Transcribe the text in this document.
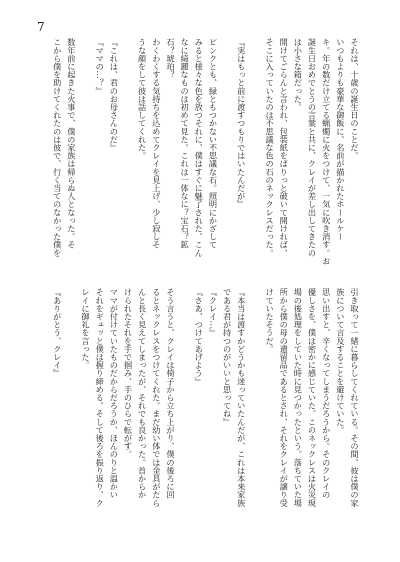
7
それは、十歳の誕生日のことだ。
いつもよりも豪華な御飯に、名前が描かれたホールケー
キ。年の数だけ立てる蝋燭に火をつけて、一気に吹き消す。お
誕生日おめでとうの言葉と共に、クレイが差し出してきたの
は小さな箱だった。
開けてごらんと言われ、包装紙をぱりっと破いて開ければ、
そこに入っていたのは不思議な色の石のネックレスだった。

『実はもっと前に渡すつもりではいたんだが』

ピンクとも、緑ともつかない不思議な石。照明にかざして
みると様々な色を放つそれに、僕はすぐに魅了された。こん
なに綺麗なものは初めて見た。これは一体なに？宝石？鉱
石？琥珀？
わくわくする気持ちを込めてクレイを見上げ、少し寂しそ
うな顔をして彼は話してくれた。

『これは、君のお母さんのだ』
『ママの…？』

数年前に起きた火事で、僕の家族は帰らぬ人となった。そ
こから僕を助けてくれたのは彼で、行く当てのなかった僕を
引き取って一緒に暮らしてくれている。その間、彼は僕の家
族について言及することを避けていた。
思い出すと、辛くなってしまうだろうから。そのクレイの
優しさを、僕は密かに感じていた。このネックレスは火災現
場の後処理をしていた時に見つかったという。落ちていた場
所から僕の母の遺留品であるとされ、それをクレイが譲り受
けていたそうだ。

『本当は渡すかどうかも迷っていたんだが、これは本来家族
である君が持つのがいいと思ってね』
『クレイ…』
『さあ、つけてあげよう』

そう言うと、クレイは椅子から立ち上がり、僕の後ろに回
るとネックレスをつけてくれた。まだ幼い体では金具がたら
んと長く見えてしまったが、それでも良かった。首からか
けられたそれを手で掴み、手のひらで転がす。
ママが付けていたものだからだろうか、ほんのりと温かい
それをギュッと僕は握り締める。そして後ろを振り返り、ク
レイに御礼を言った。

『ありがとう、クレイ』
